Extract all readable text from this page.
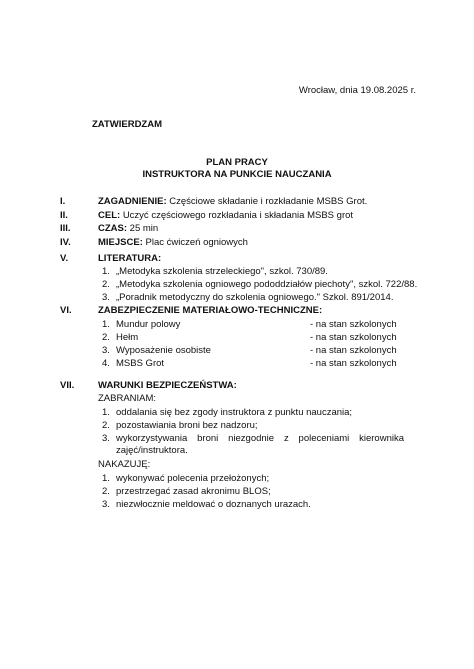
Wrocław, dnia 19.08.2025 r.
ZATWIERDZAM
PLAN PRACY
INSTRUKTORA NA PUNKCIE NAUCZANIA
I.	ZAGADNIENIE: Częściowe składanie i rozkładanie MSBS Grot.
II.	CEL: Uczyć częściowego rozkładania i składania MSBS grot
III.	CZAS: 25 min
IV.	MIEJSCE: Plac ćwiczeń ogniowych
V.	LITERATURA:
1. „Metodyka szkolenia strzeleckiego", szkol. 730/89.
2. „Metodyka szkolenia ogniowego pododdziałów piechoty", szkol. 722/88.
3. „Poradnik metodyczny do szkolenia ogniowego." Szkol. 891/2014.
VI.	ZABEZPIECZENIE MATERIAŁOWO-TECHNICZNE:
1. Mundur polowy	- na stan szkolonych
2. Hełm	- na stan szkolonych
3. Wyposażenie osobiste	- na stan szkolonych
4. MSBS Grot	- na stan szkolonych
VII. WARUNKI BEZPIECZEŃSTWA:
ZABRANIAM:
1. oddalania się bez zgody instruktora z punktu nauczania;
2. pozostawiania broni bez nadzoru;
3. wykorzystywania broni niezgodnie z poleceniami kierownika
zajęć/instruktora.
NAKAZUJĘ:
1. wykonywać polecenia przełożonych;
2. przestrzegać zasad akronimu BLOS;
3. niezwłocznie meldować o doznanych urazach.
